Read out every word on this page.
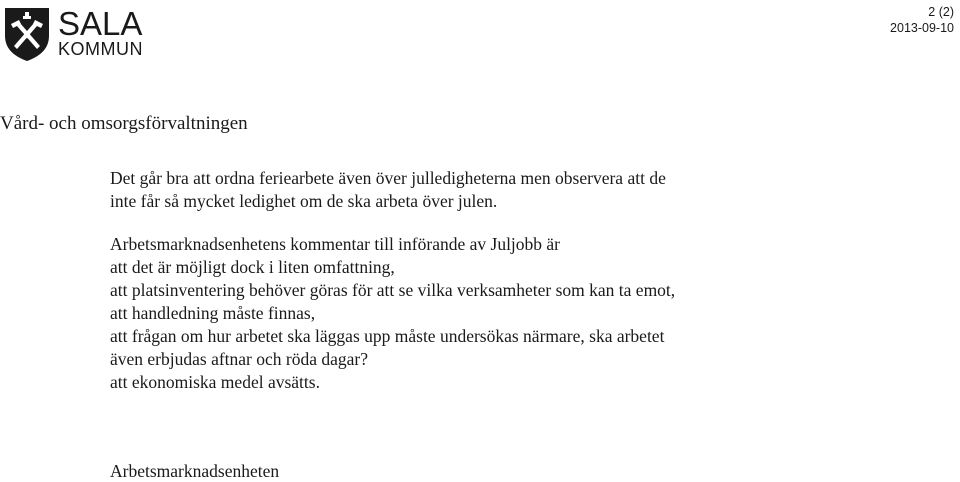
SALA
KOMMUN
2 (2)
2013-09-10
Vård- och omsorgsförvaltningen
Det går bra att ordna feriearbete även över julledigheterna men observera att de
inte får så mycket ledighet om de ska arbeta över julen.
Arbetsmarknadsenhetens kommentar till införande av Juljobb är
att det är möjligt dock i liten omfattning,
att platsinventering behöver göras för att se vilka verksamheter som kan ta emot,
att handledning måste finnas,
att frågan om hur arbetet ska läggas upp måste undersökas närmare, ska arbetet
även erbjudas aftnar och röda dagar?
att ekonomiska medel avsätts.
Arbetsmarknadsenheten
